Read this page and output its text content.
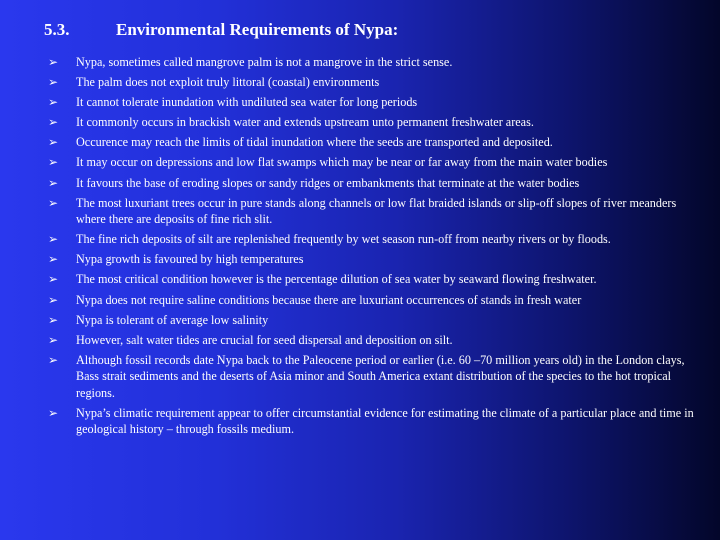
5.3.	Environmental Requirements of Nypa:
➢ Nypa, sometimes called mangrove palm is not a mangrove in the strict sense.
➢ The palm does not exploit truly littoral (coastal) environments
➢ It cannot tolerate inundation with undiluted sea water for long periods
➢ It commonly occurs in brackish water and extends upstream unto permanent freshwater areas.
➢ Occurence may reach the limits of tidal inundation where the seeds are transported and deposited.
➢ It may occur on depressions and low flat swamps which may be near or far away from the main water bodies
➢ It favours the base of eroding slopes or sandy ridges or embankments that terminate at the water bodies
➢ The most luxuriant trees occur in pure stands along channels or low flat braided islands or slip-off slopes of river meanders where there are deposits of fine rich slit.
➢ The fine rich deposits of silt are replenished frequently by wet season run-off from nearby rivers or by floods.
➢ Nypa growth is favoured by high temperatures
➢ The most critical condition however is the percentage dilution of sea water by seaward flowing freshwater.
➢ Nypa does not require saline conditions because there are luxuriant occurrences of stands in fresh water
➢ Nypa is tolerant of average low salinity
➢ However, salt water tides are crucial for seed dispersal and deposition on silt.
➢ Although fossil records date Nypa back to the Paleocene period or earlier (i.e. 60 –70 million years old) in the London clays, Bass strait sediments and the deserts of Asia minor and South America extant distribution of the species to the hot tropical regions.
➢ Nypa’s climatic requirement appear to offer circumstantial evidence for estimating the climate of a particular place and time in geological history – through fossils medium.
